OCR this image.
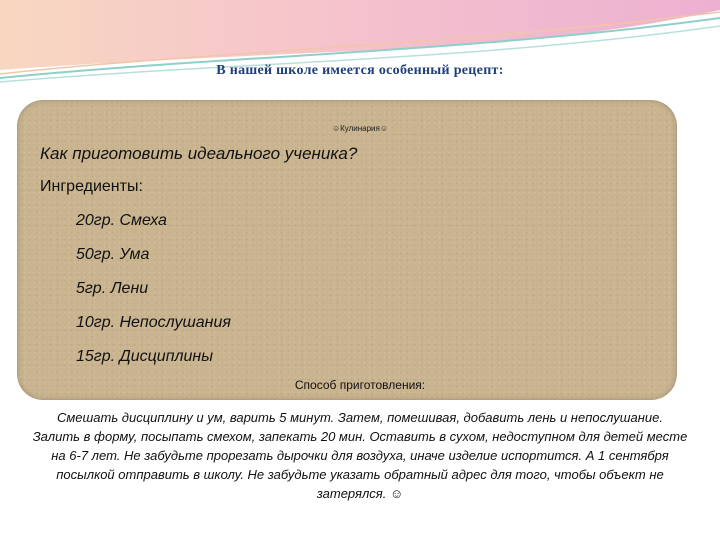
В нашей школе имеется особенный рецепт:
☺Кулинария☺
Как приготовить идеального ученика?
Ингредиенты:
20гр. Смеха
50гр. Ума
5гр. Лени
10гр. Непослушания
15гр. Дисциплины
Способ приготовления:
Смешать дисциплину и ум, варить 5 минут. Затем, помешивая, добавить лень и непослушание. Залить в форму, посыпать смехом, запекать 20 мин. Оставить в сухом, недоступном для детей месте на 6-7 лет. Не забудьте прорезать дырочки для воздуха, иначе изделие испортится. А 1 сентября посылкой отправить в школу. Не забудьте указать обратный адрес для того, чтобы объект не затерялся. ☺
